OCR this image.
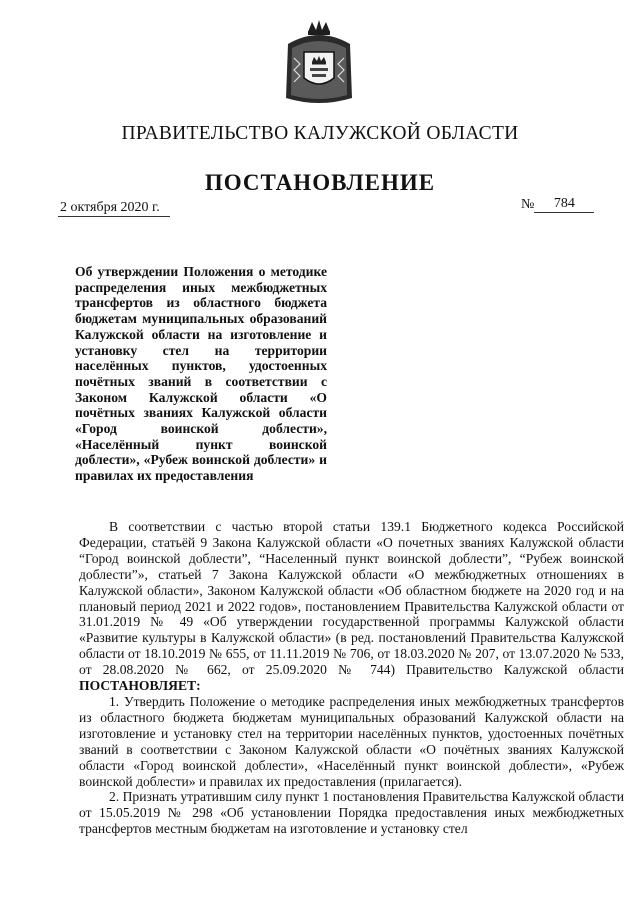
ПРАВИТЕЛЬСТВО КАЛУЖСКОЙ ОБЛАСТИ
ПОСТАНОВЛЕНИЕ
2 октября 2020 г.	№ 784
Об утверждении Положения о методике распределения иных межбюджетных трансфертов из областного бюджета бюджетам муниципальных образований Калужской области на изготовление и установку стел на территории населённых пунктов, удостоенных почётных званий в соответствии с Законом Калужской области «О почётных званиях Калужской области «Город воинской доблести», «Населённый пункт воинской доблести», «Рубеж воинской доблести» и правилах их предоставления

В соответствии с частью второй статьи 139.1 Бюджетного кодекса Российской Федерации, статьёй 9 Закона Калужской области «О почетных званиях Калужской области “Город воинской доблести”, “Населенный пункт воинской доблести”, “Рубеж воинской доблести”», статьей 7 Закона Калужской области «О межбюджетных отношениях в Калужской области», Законом Калужской области «Об областном бюджете на 2020 год и на плановый период 2021 и 2022 годов», постановлением Правительства Калужской области от 31.01.2019 № 49 «Об утверждении государственной программы Калужской области «Развитие культуры в Калужской области» (в ред. постановлений Правительства Калужской области от 18.10.2019 № 655, от 11.11.2019 № 706, от 18.03.2020 № 207, от 13.07.2020 № 533, от 28.08.2020 № 662, от 25.09.2020 № 744) Правительство Калужской области ПОСТАНОВЛЯЕТ:

1. Утвердить Положение о методике распределения иных межбюджетных трансфертов из областного бюджета бюджетам муниципальных образований Калужской области на изготовление и установку стел на территории населённых пунктов, удостоенных почётных званий в соответствии с Законом Калужской области «О почётных званиях Калужской области «Город воинской доблести», «Населённый пункт воинской доблести», «Рубеж воинской доблести» и правилах их предоставления (прилагается).

2. Признать утратившим силу пункт 1 постановления Правительства Калужской области от 15.05.2019 № 298 «Об установлении Порядка предоставления иных межбюджетных трансфертов местным бюджетам на изготовление и установку стел
